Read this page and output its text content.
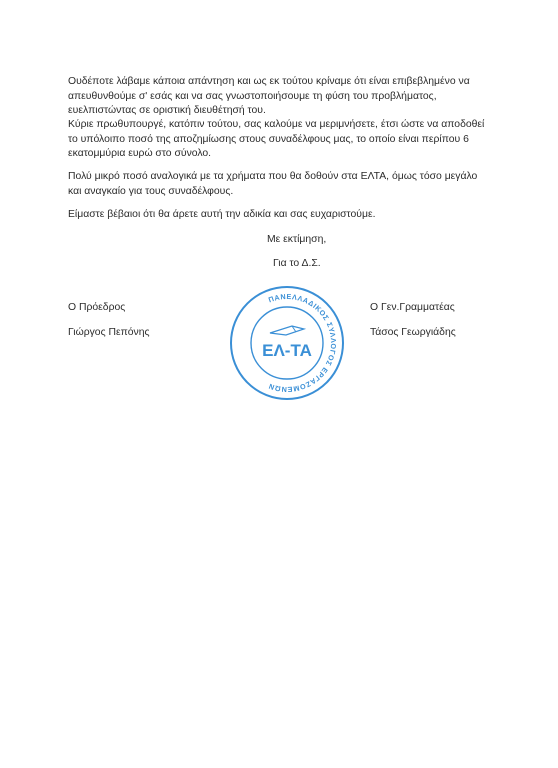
Ουδέποτε λάβαμε κάποια απάντηση και ως εκ τούτου κρίναμε ότι είναι επιβεβλημένο να
απευθυνθούμε σ' εσάς και να σας γνωστοποιήσουμε τη φύση του προβλήματος,
ευελπιστώντας σε οριστική διευθέτησή του.
Κύριε πρωθυπουργέ, κατόπιν τούτου, σας καλούμε να μεριμνήσετε, έτσι ώστε να αποδοθεί
το υπόλοιπο ποσό της αποζημίωσης στους συναδέλφους μας, το οποίο είναι περίπου 6
εκατομμύρια ευρώ στο σύνολο.
Πολύ μικρό ποσό αναλογικά με τα χρήματα που θα δοθούν στα ΕΛΤΑ, όμως τόσο μεγάλο
και αναγκαίο για τους συναδέλφους.
Είμαστε βέβαιοι ότι θα άρετε αυτή την αδικία και σας ευχαριστούμε.
Με εκτίμηση,
Για το Δ.Σ.
Ο Πρόεδρος
Γιώργος Πεπόνης
Ο Γεν.Γραμματέας
Τάσος Γεωργιάδης
ΠΑΝΕΛΛΑΔΙΚΟΣ ΣΥΛΛΟΓΟΣ ΕΡΓΑΖΟΜΕΝΩΝ
ΕΛ-ΤΑ
